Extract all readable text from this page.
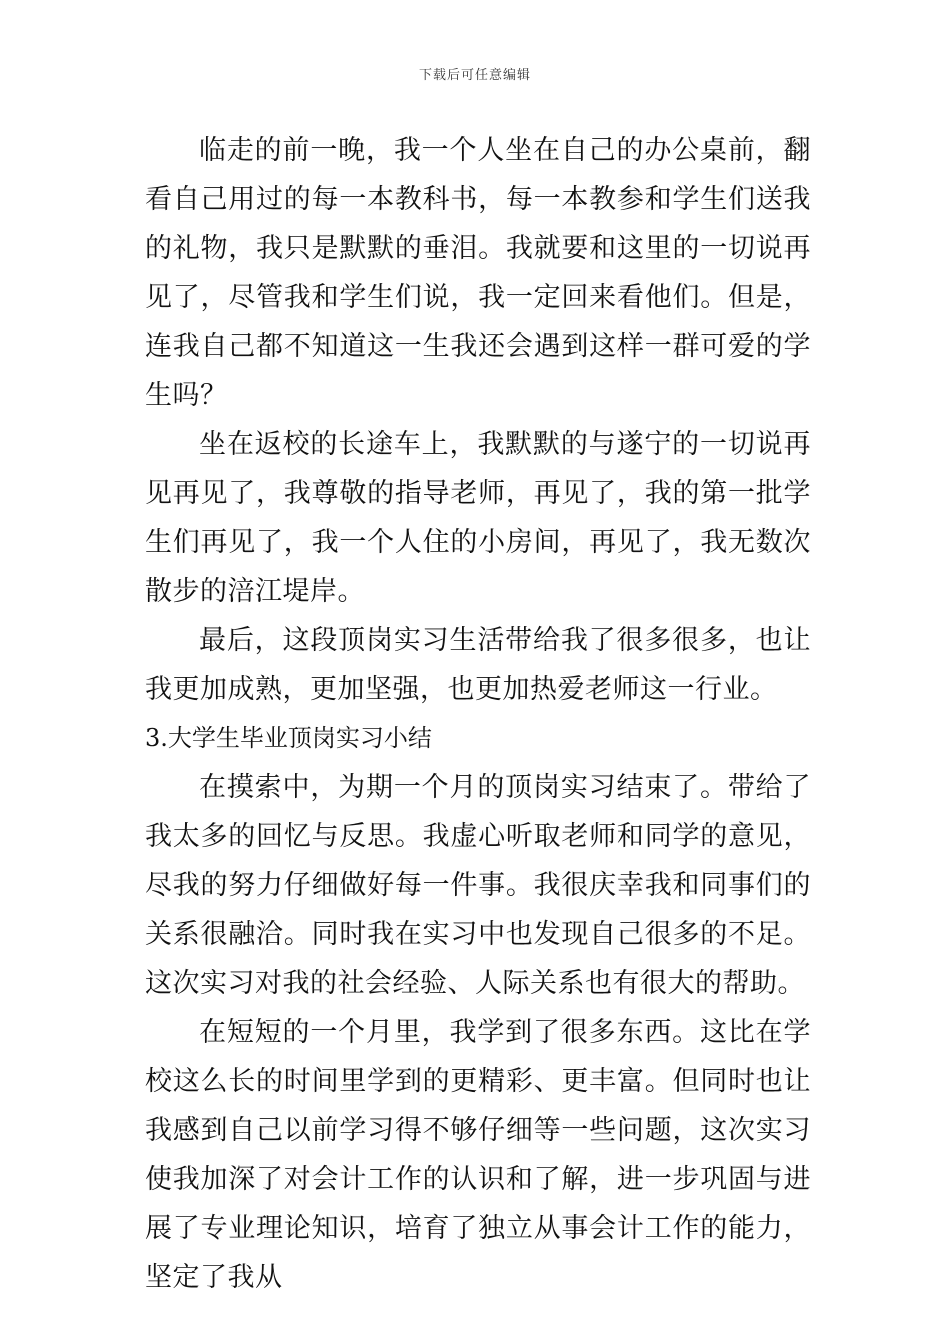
下载后可任意编辑

临走的前一晚，我一个人坐在自己的办公桌前，翻看自己用过的每一本教科书，每一本教参和学生们送我的礼物，我只是默默的垂泪。我就要和这里的一切说再见了，尽管我和学生们说，我一定回来看他们。但是，连我自己都不知道这一生我还会遇到这样一群可爱的学生吗？

坐在返校的长途车上，我默默的与遂宁的一切说再见再见了，我尊敬的指导老师，再见了，我的第一批学生们再见了，我一个人住的小房间，再见了，我无数次散步的涪江堤岸。

最后，这段顶岗实习生活带给我了很多很多，也让我更加成熟，更加坚强，也更加热爱老师这一行业。

3.大学生毕业顶岗实习小结

在摸索中，为期一个月的顶岗实习结束了。带给了我太多的回忆与反思。我虚心听取老师和同学的意见，尽我的努力仔细做好每一件事。我很庆幸我和同事们的关系很融洽。同时我在实习中也发现自己很多的不足。这次实习对我的社会经验、人际关系也有很大的帮助。

在短短的一个月里，我学到了很多东西。这比在学校这么长的时间里学到的更精彩、更丰富。但同时也让我感到自己以前学习得不够仔细等一些问题，这次实习使我加深了对会计工作的认识和了解，进一步巩固与进展了专业理论知识，培育了独立从事会计工作的能力，坚定了我从
